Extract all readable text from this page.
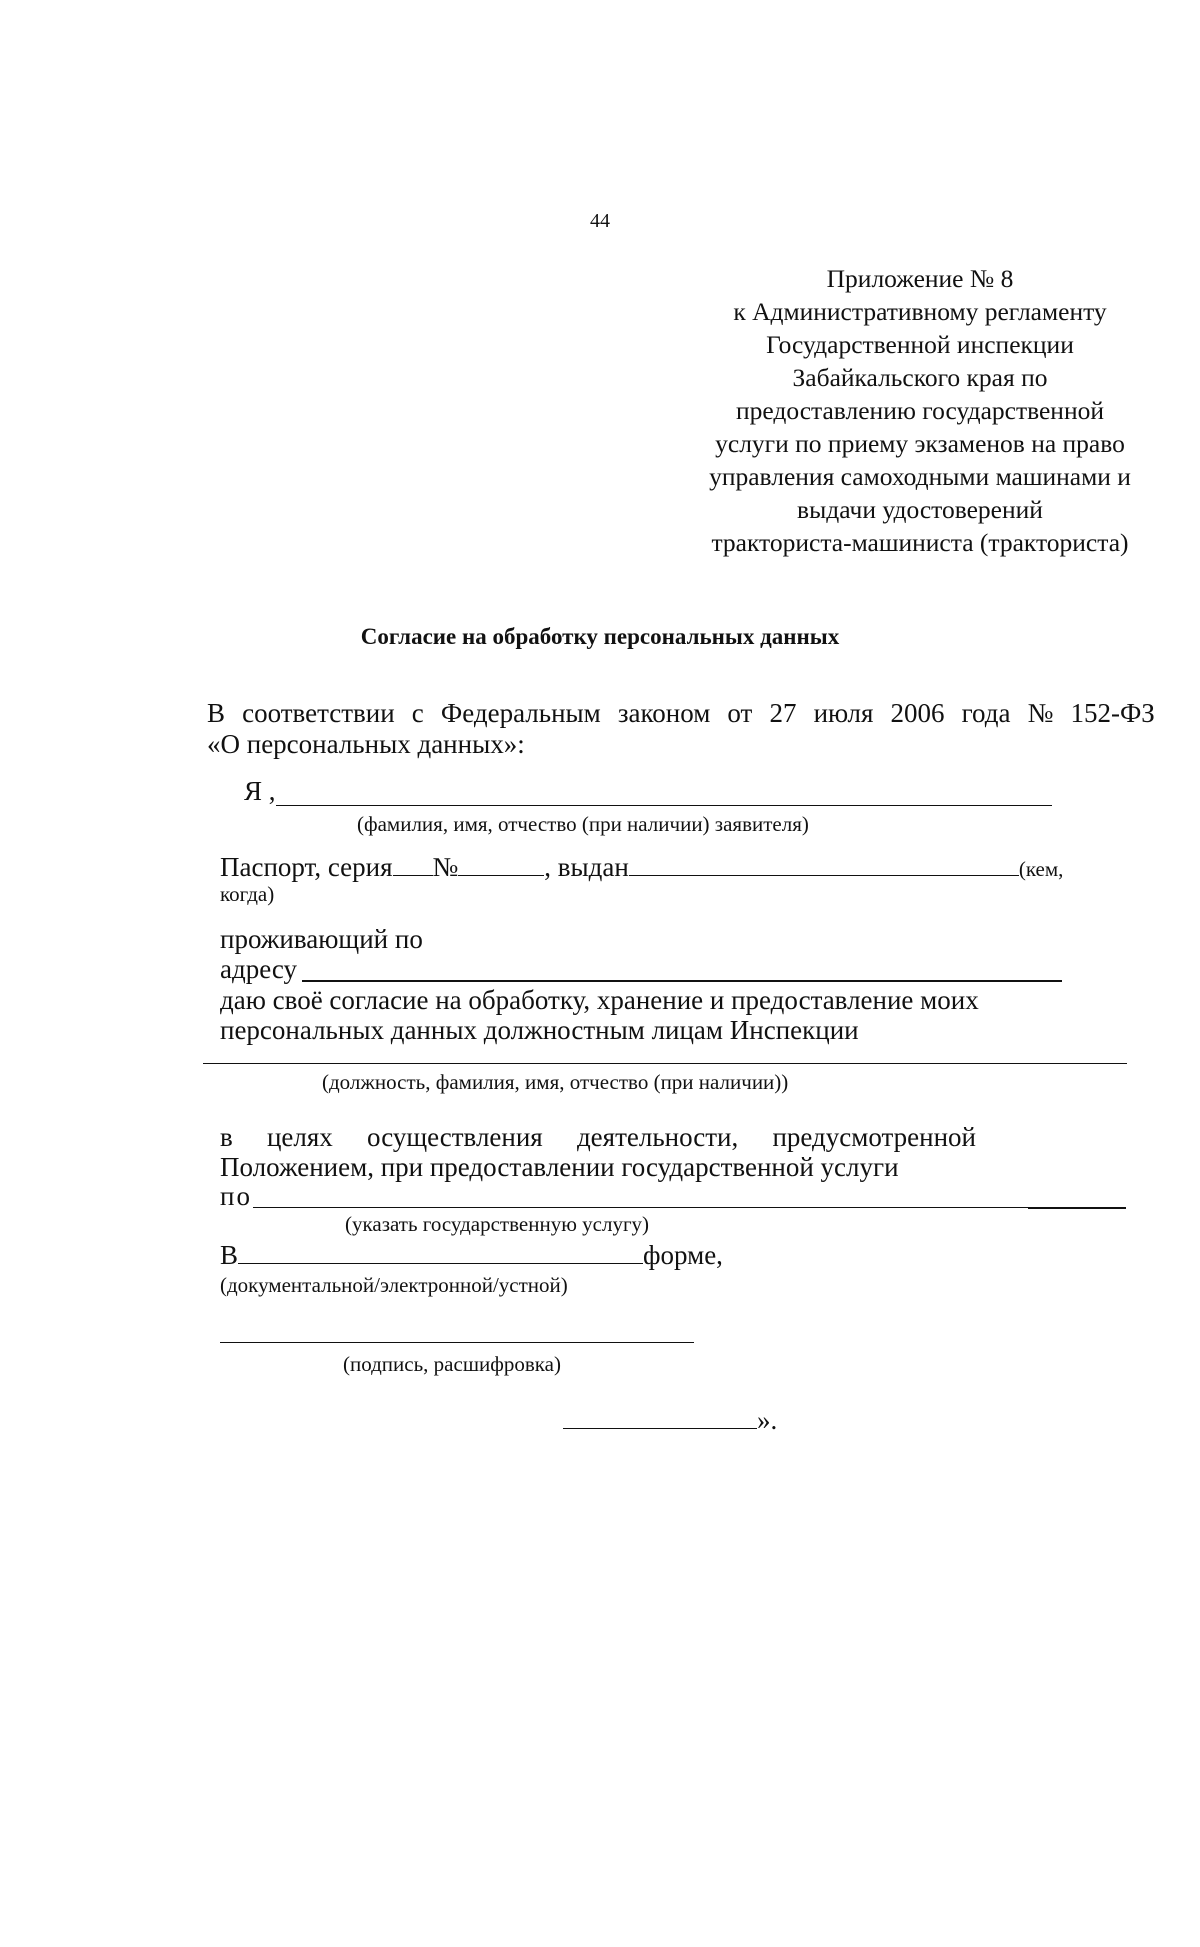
44
Приложение № 8
к Административному регламенту
Государственной инспекции
Забайкальского края по
предоставлению государственной
услуги по приему экзаменов на право
управления самоходными машинами и
выдачи удостоверений
тракториста-машиниста (тракториста)
Согласие на обработку персональных данных
В соответствии с Федеральным законом от 27 июля 2006 года № 152-ФЗ
«О персональных данных»:
Я ,
(фамилия, имя, отчество (при наличии) заявителя)
Паспорт, серия №	, выдан	(кем,
когда)
проживающий по
адресу
даю своё согласие на обработку, хранение и предоставление моих
персональных данных должностным лицам Инспекции
(должность, фамилия, имя, отчество (при наличии))
в целях осуществления деятельности, предусмотренной
Положением, при предоставлении государственной услуги
по
(указать государственную услугу)
В	форме,
(документальной/электронной/устной)
(подпись, расшифровка)
».
